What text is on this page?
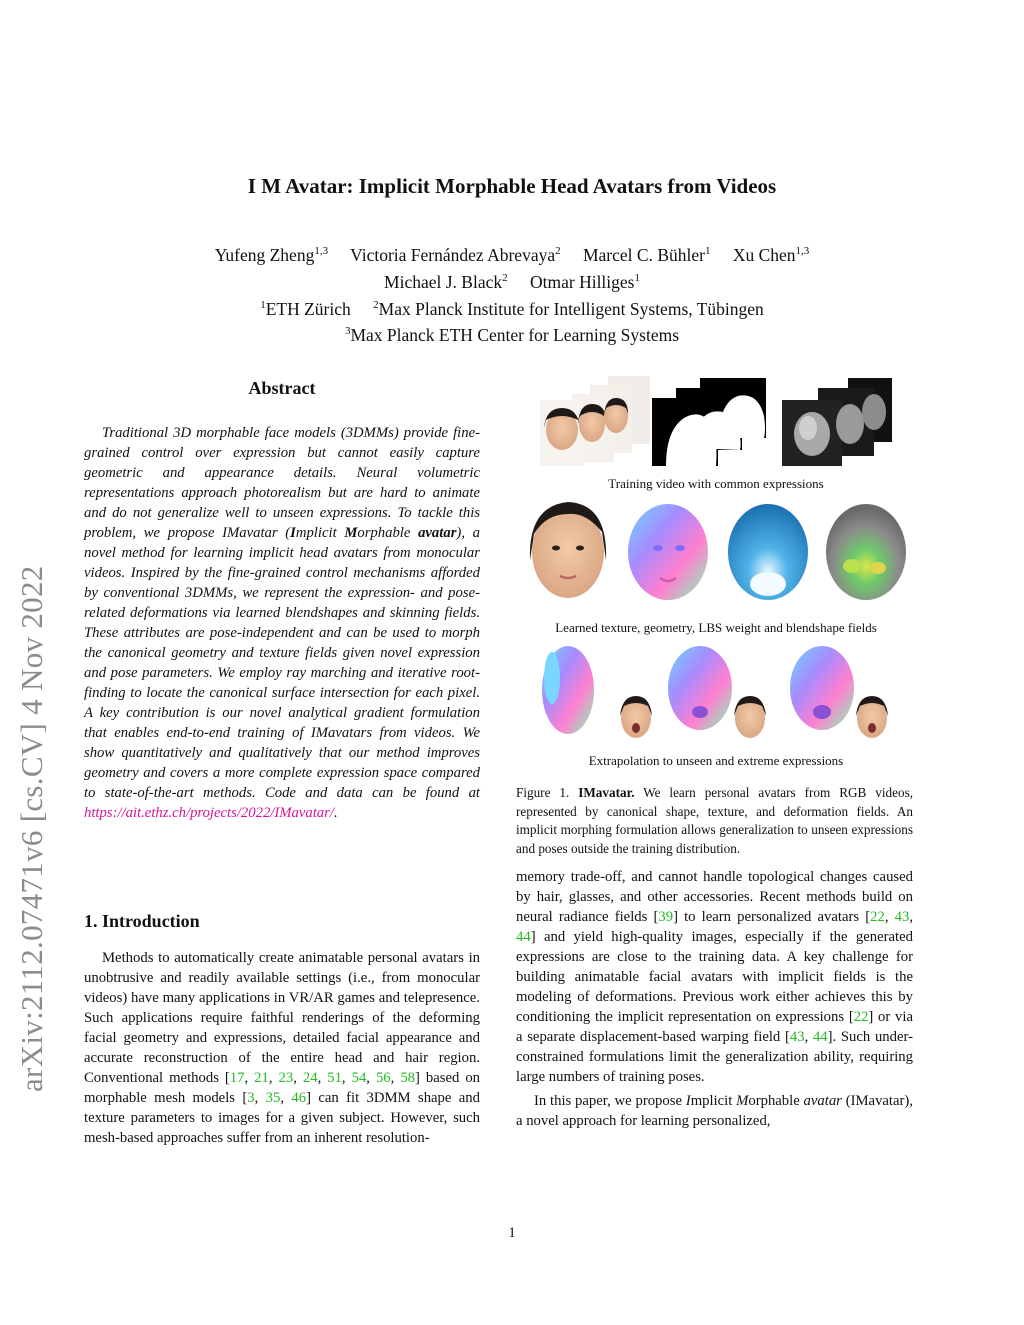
I M Avatar: Implicit Morphable Head Avatars from Videos
Yufeng Zheng$^{1,3}$ Victoria Fernández Abrevaya$^2$ Marcel C. Bühler$^1$ Xu Chen$^{1,3}$
Michael J. Black$^2$ Otmar Hilliges$^1$
$^1$ETH Zürich $^2$Max Planck Institute for Intelligent Systems, Tübingen
$^3$Max Planck ETH Center for Learning Systems
arXiv:2112.07471v6 [cs.CV] 4 Nov 2022
Abstract
Traditional 3D morphable face models (3DMMs) provide fine-grained control over expression but cannot easily capture geometric and appearance details. Neural volumetric representations approach photorealism but are hard to animate and do not generalize well to unseen expressions. To tackle this problem, we propose IMavatar (Implicit Morphable avatar), a novel method for learning implicit head avatars from monocular videos. Inspired by the fine-grained control mechanisms afforded by conventional 3DMMs, we represent the expression- and pose-related deformations via learned blendshapes and skinning fields. These attributes are pose-independent and can be used to morph the canonical geometry and texture fields given novel expression and pose parameters. We employ ray marching and iterative root-finding to locate the canonical surface intersection for each pixel. A key contribution is our novel analytical gradient formulation that enables end-to-end training of IMavatars from videos. We show quantitatively and qualitatively that our method improves geometry and covers a more complete expression space compared to state-of-the-art methods. Code and data can be found at https://ait.ethz.ch/projects/2022/IMavatar/.
1. Introduction
Methods to automatically create animatable personal avatars in unobtrusive and readily available settings (i.e., from monocular videos) have many applications in VR/AR games and telepresence. Such applications require faithful renderings of the deforming facial geometry and expressions, detailed facial appearance and accurate reconstruction of the entire head and hair region. Conventional methods [17, 21, 23, 24, 51, 54, 56, 58] based on morphable mesh models [3, 35, 46] can fit 3DMM shape and texture parameters to images for a given subject. However, such mesh-based approaches suffer from an inherent resolution-
Training video with common expressions
Learned texture, geometry, LBS weight and blendshape fields
Extrapolation to unseen and extreme expressions
Figure 1. IMavatar. We learn personal avatars from RGB videos, represented by canonical shape, texture, and deformation fields. An implicit morphing formulation allows generalization to unseen expressions and poses outside the training distribution.

memory trade-off, and cannot handle topological changes caused by hair, glasses, and other accessories. Recent methods build on neural radiance fields [39] to learn personalized avatars [22, 43, 44] and yield high-quality images, especially if the generated expressions are close to the training data. A key challenge for building animatable facial avatars with implicit fields is the modeling of deformations. Previous work either achieves this by conditioning the implicit representation on expressions [22] or via a separate displacement-based warping field [43, 44]. Such under-constrained formulations limit the generalization ability, requiring large numbers of training poses.

In this paper, we propose Implicit Morphable avatar (IMavatar), a novel approach for learning personalized,

1
